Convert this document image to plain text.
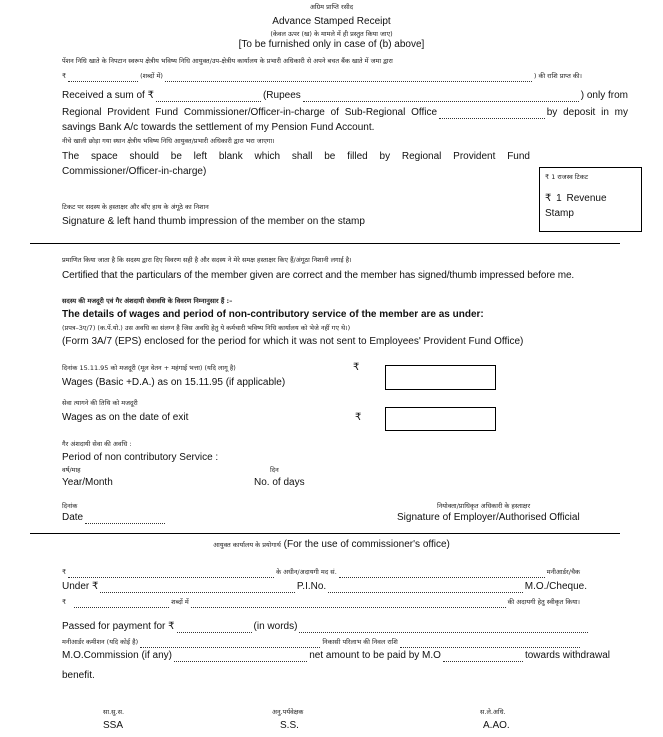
अग्रिम प्राप्ति रसीद
Advance Stamped Receipt
(केवल ऊपर (ख) के मामले में ही प्रस्तुत किया जाए)
[To be furnished only in case of (b) above]
पेंशन निधि खाते के निपटान स्वरूप क्षेत्रीय भविष्य निधि आयुक्त/उप-क्षेत्रीय कार्यालय के प्रभारी अधिकारी से अपने बचत बैंक खाते में जमा द्वारा
₹	(शब्दों में)	) की राशि प्राप्त की।
Received a sum of ₹	(Rupees	) only from
Regional Provident Fund Commissioner/Officer-in-charge of Sub-Regional Office	by deposit in my
savings Bank A/c towards the settlement of my Pension Fund Account.
नीचे खाली छोड़ा गया स्थान क्षेत्रीय भविष्य निधि आयुक्त/प्रभारी अधिकारी द्वारा भरा जाएगा।
The space should be left blank which shall be filled by Regional Provident Fund
Commissioner/Officer-in-charge)	₹ 1 राजस्व टिकट
₹ 1 Revenue
Stamp
टिकट पर सदस्य के हस्ताक्षर और बाँए हाथ के अंगूठे का निशान
Signature & left hand thumb impression of the member on the stamp
प्रमाणित किया जाता है कि सदस्य द्वारा दिए विवरण सही है और सदस्य ने मेरे समक्ष हस्ताक्षर किए हैं/अंगूठा निशानी लगाई है।
Certified that the particulars of the member given are correct and the member has signed/thumb impressed before me.
सदस्य की मजदूरी एवं गैर अंशदायी सेवावधि के विवरण निम्नानुसार हैं :–
The details of wages and period of non-contributory service of the member are as under:
(प्रपत्र–3ए/7) (क.पें.यो.) उस अवधि का संलग्न है जिस अवधि हेतु ये कर्मचारी भविष्य निधि कार्यालय को भेजे नहीं गए थे।)
(Form 3A/7 (EPS) enclosed for the period for which it was not sent to Employees' Provident Fund Office)
दिनांक 15.11.95 को मजदूरी (मूल वेतन + महंगाई भत्ता) (यदि लागू है)
Wages (Basic +D.A.) as on 15.11.95 (if applicable)
₹
सेवा त्यागने की तिथि को मजदूरी
Wages as on the date of exit	₹
गैर अंशदायी सेवा की अवधि :
Period of non contributory Service :
वर्ष/माह
Year/Month
दिन
No. of days
दिनांक
Date
नियोक्ता/प्राधिकृत अधिकारी के हस्ताक्षर
Signature of Employer/Authorised Official
आयुक्त कार्यालय के प्रयोगार्थ (For the use of commissioner's office)
₹	के अधीन/अदायगी मद सं.	मनीआर्डर/चैक
Under ₹	P.I.No.	M.O./Cheque.
₹	शब्दों में	की अदायगी हेतु स्वीकृत किया।
Passed for payment for ₹	(in words)
मनीआर्डर कमीशन (यदि कोई है)	निकासी परिलाभ की निवल राशि
M.O.Commission (if any)	net amount to be paid by M.O	towards withdrawal
benefit.
सा.सु.स.
SSA
अनु.पर्यवेक्षक
S.S.
स.ले.अधि.
A.AO.
